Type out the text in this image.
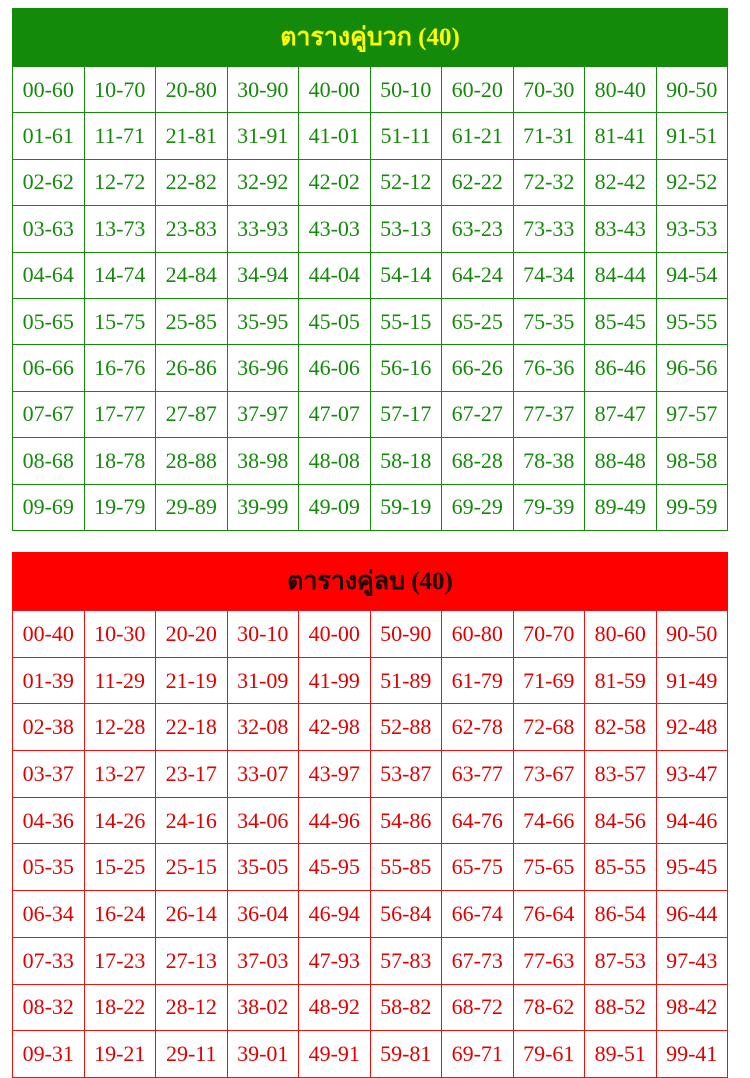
ตารางคู่บวก (40)
00-60	10-70	20-80	30-90	40-00	50-10	60-20	70-30	80-40	90-50
01-61	11-71	21-81	31-91	41-01	51-11	61-21	71-31	81-41	91-51
02-62	12-72	22-82	32-92	42-02	52-12	62-22	72-32	82-42	92-52
03-63	13-73	23-83	33-93	43-03	53-13	63-23	73-33	83-43	93-53
04-64	14-74	24-84	34-94	44-04	54-14	64-24	74-34	84-44	94-54
05-65	15-75	25-85	35-95	45-05	55-15	65-25	75-35	85-45	95-55
06-66	16-76	26-86	36-96	46-06	56-16	66-26	76-36	86-46	96-56
07-67	17-77	27-87	37-97	47-07	57-17	67-27	77-37	87-47	97-57
08-68	18-78	28-88	38-98	48-08	58-18	68-28	78-38	88-48	98-58
09-69	19-79	29-89	39-99	49-09	59-19	69-29	79-39	89-49	99-59
ตารางคู่ลบ (40)
00-40	10-30	20-20	30-10	40-00	50-90	60-80	70-70	80-60	90-50
01-39	11-29	21-19	31-09	41-99	51-89	61-79	71-69	81-59	91-49
02-38	12-28	22-18	32-08	42-98	52-88	62-78	72-68	82-58	92-48
03-37	13-27	23-17	33-07	43-97	53-87	63-77	73-67	83-57	93-47
04-36	14-26	24-16	34-06	44-96	54-86	64-76	74-66	84-56	94-46
05-35	15-25	25-15	35-05	45-95	55-85	65-75	75-65	85-55	95-45
06-34	16-24	26-14	36-04	46-94	56-84	66-74	76-64	86-54	96-44
07-33	17-23	27-13	37-03	47-93	57-83	67-73	77-63	87-53	97-43
08-32	18-22	28-12	38-02	48-92	58-82	68-72	78-62	88-52	98-42
09-31	19-21	29-11	39-01	49-91	59-81	69-71	79-61	89-51	99-41
